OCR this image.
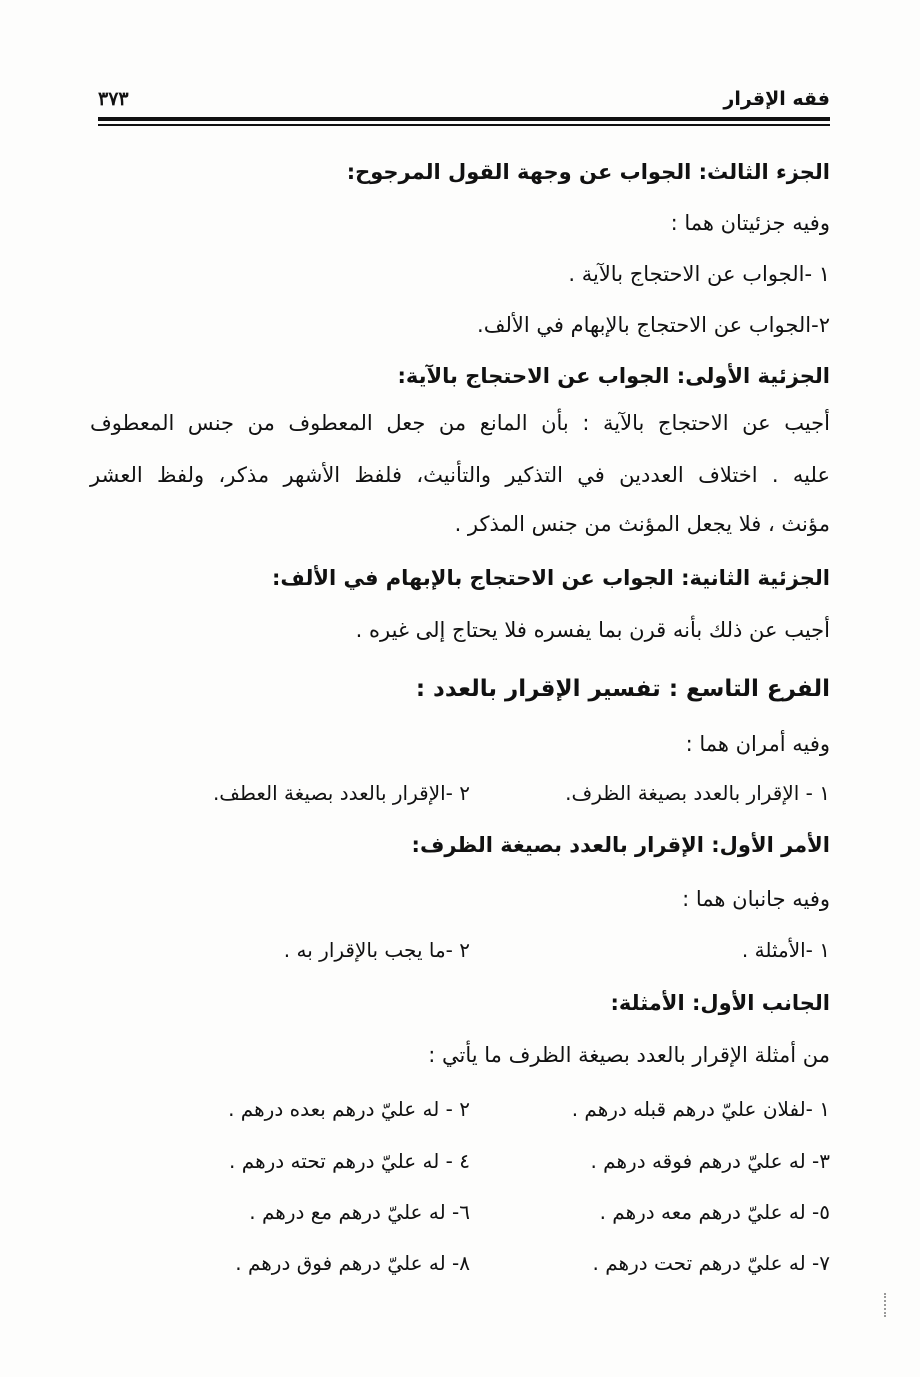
فقه الإقرار
٣٧٣
الجزء الثالث: الجواب عن وجهة القول المرجوح:
وفيه جزئيتان هما :
١ -الجواب عن الاحتجاج بالآية .
٢-الجواب عن الاحتجاج بالإبهام في الألف.
الجزئية الأولى: الجواب عن الاحتجاج بالآية:
أجيب عن الاحتجاج بالآية : بأن المانع من جعل المعطوف من جنس المعطوف
عليه . اختلاف العددين في التذكير والتأنيث، فلفظ الأشهر مذكر، ولفظ العشر
مؤنث ، فلا يجعل المؤنث من جنس المذكر .
الجزئية الثانية: الجواب عن الاحتجاج بالإبهام في الألف:
أجيب عن ذلك بأنه قرن بما يفسره فلا يحتاج إلى غيره .
الفرع التاسع : تفسير الإقرار بالعدد :
وفيه أمران هما :
١ - الإقرار بالعدد بصيغة الظرف.
٢ -الإقرار بالعدد بصيغة العطف.
الأمر الأول: الإقرار بالعدد بصيغة الظرف:
وفيه جانبان هما :
١ -الأمثلة .
٢ -ما يجب بالإقرار به .
الجانب الأول: الأمثلة:
من أمثلة الإقرار بالعدد بصيغة الظرف ما يأتي :
١ -لفلان عليّ درهم قبله درهم .
٢ - له عليّ درهم بعده درهم .
٣- له عليّ درهم فوقه درهم .
٤ - له عليّ درهم تحته درهم .
٥- له عليّ درهم معه درهم .
٦- له عليّ درهم مع درهم .
٧- له عليّ درهم تحت درهم .
٨- له عليّ درهم فوق درهم .
